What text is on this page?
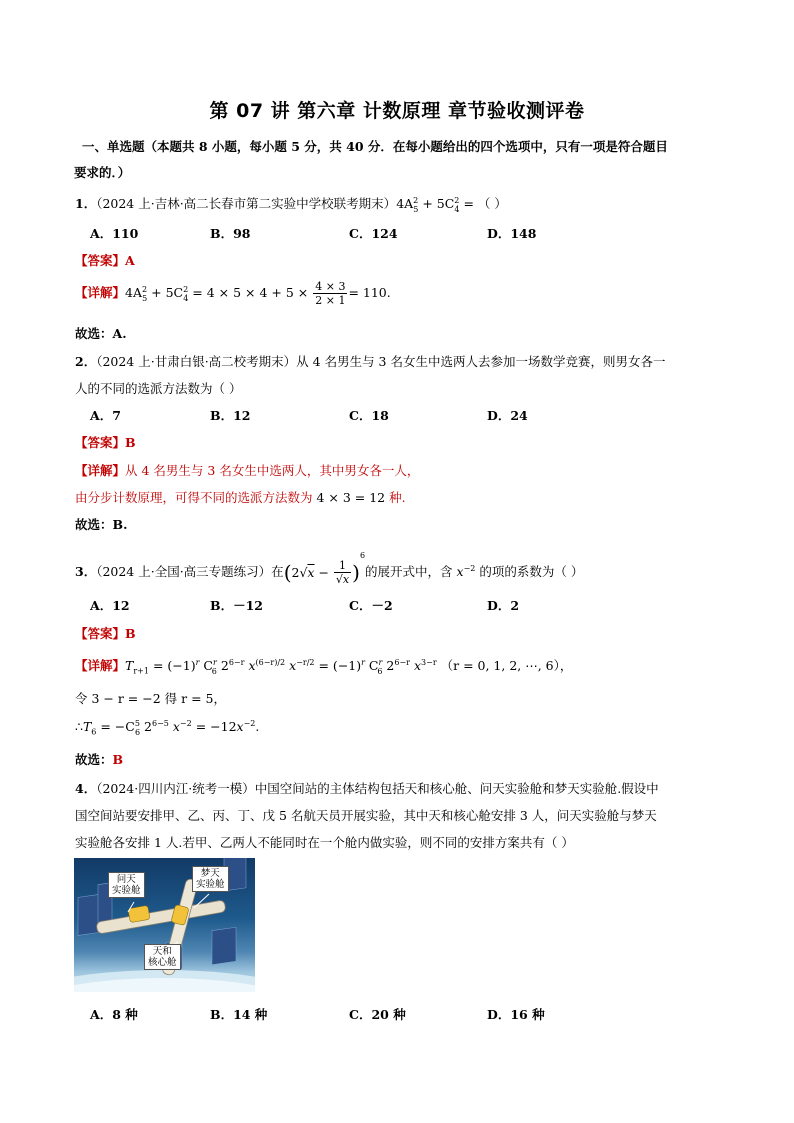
第 07 讲 第六章 计数原理 章节验收测评卷
一、单选题（本题共 8 小题，每小题 5 分，共 40 分．在每小题给出的四个选项中，只有一项是符合题目
要求的．）
1．（2024 上·吉林·高二长春市第二实验中学校联考期末）$4A^2_5 + 5C^2_4$ = （ ）
A．110	B．98	C．124	D．148
【答案】A
【详解】$4A^2_5 + 5C^2_4 = 4 \times 5 \times 4 + 5 \times \frac{4 \times 3}{2 \times 1} = 110$.
故选：A.
2．（2024 上·甘肃白银·高二校考期末）从 4 名男生与 3 名女生中选两人去参加一场数学竞赛，则男女各一
人的不同的选派方法数为（ ）
A．7	B．12	C．18	D．24
【答案】B
【详解】从 4 名男生与 3 名女生中选两人，其中男女各一人，
由分步计数原理，可得不同的选派方法数为 4 × 3 = 12 种.
故选：B.
3．（2024 上·全国·高三专题练习）在$(2√x - \frac{1}{√x} )^6$的展开式中，含 $x^{-2}$ 的项的系数为（ ）
A．12	B．－12	C．－2	D．2
【答案】B
【详解】$T_{r+1} = (-1)^r$ $C^r_6$ $2^{6-r}$ $x^{(6-r)/2}$ $x^{-r/2} = (-1)^r$ $C^r_6$ $2^{6-r}$ $x^{3-r}$ （r = 0, 1, 2, ⋯, 6），
令 3 − r = −2 得 r = 5，
$\therefore T_6 = -C^5_6$ $2^{6-5}$ $x^{-2} = -12x^{-2}$.
故选：B
4．（2024·四川内江·统考一模）中国空间站的主体结构包括天和核心舱、问天实验舱和梦天实验舱.假设中
国空间站要安排甲、乙、丙、丁、戊 5 名航天员开展实验，其中天和核心舱安排 3 人，问天实验舱与梦天
实验舱各安排 1 人.若甲、乙两人不能同时在一个舱内做实验，则不同的安排方案共有（ ）
问天
实验舱
梦天
实验舱
天和
核心舱
A．8 种	B．14 种	C．20 种	D．16 种
